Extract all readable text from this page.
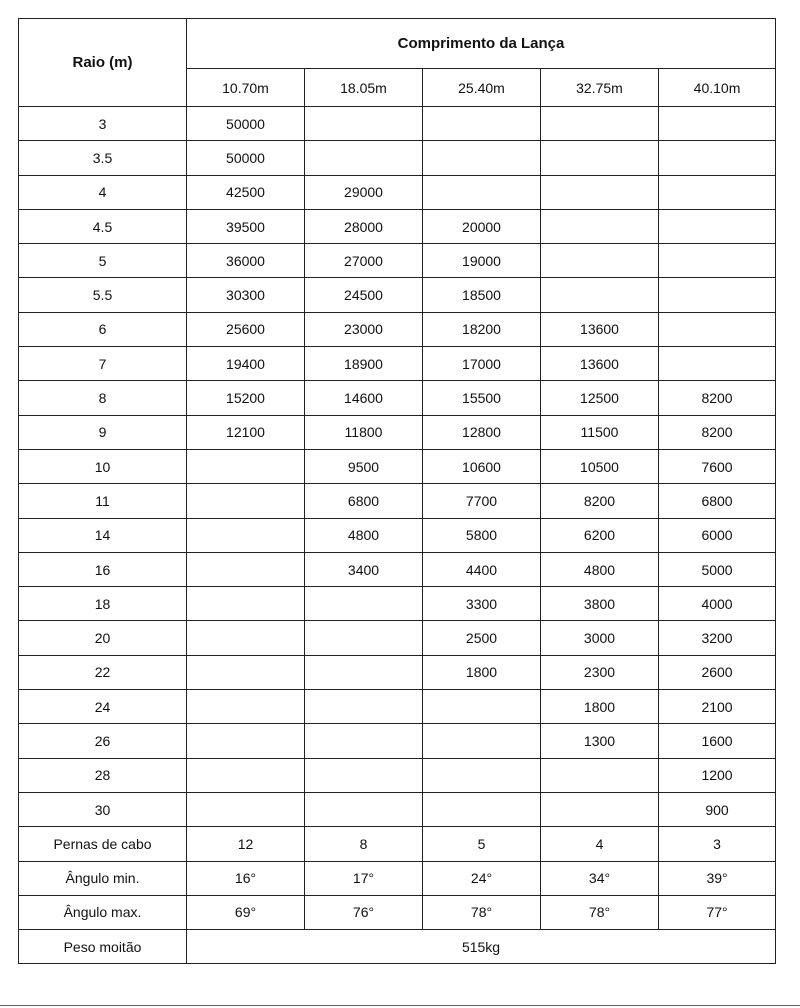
Raio (m)	Comprimento da Lança				
	10.70m	18.05m	25.40m	32.75m	40.10m
3	50000				
3.5	50000				
4	42500	29000			
4.5	39500	28000	20000		
5	36000	27000	19000		
5.5	30300	24500	18500		
6	25600	23000	18200	13600	
7	19400	18900	17000	13600	
8	15200	14600	15500	12500	8200
9	12100	11800	12800	11500	8200
10		9500	10600	10500	7600
11		6800	7700	8200	6800
14		4800	5800	6200	6000
16		3400	4400	4800	5000
18			3300	3800	4000
20			2500	3000	3200
22			1800	2300	2600
24				1800	2100
26				1300	1600
28					1200
30					900
Pernas de cabo	12	8	5	4	3
Ângulo min.	16°	17°	24°	34°	39°
Ângulo max.	69°	76°	78°	78°	77°
Peso moitão	515kg				
